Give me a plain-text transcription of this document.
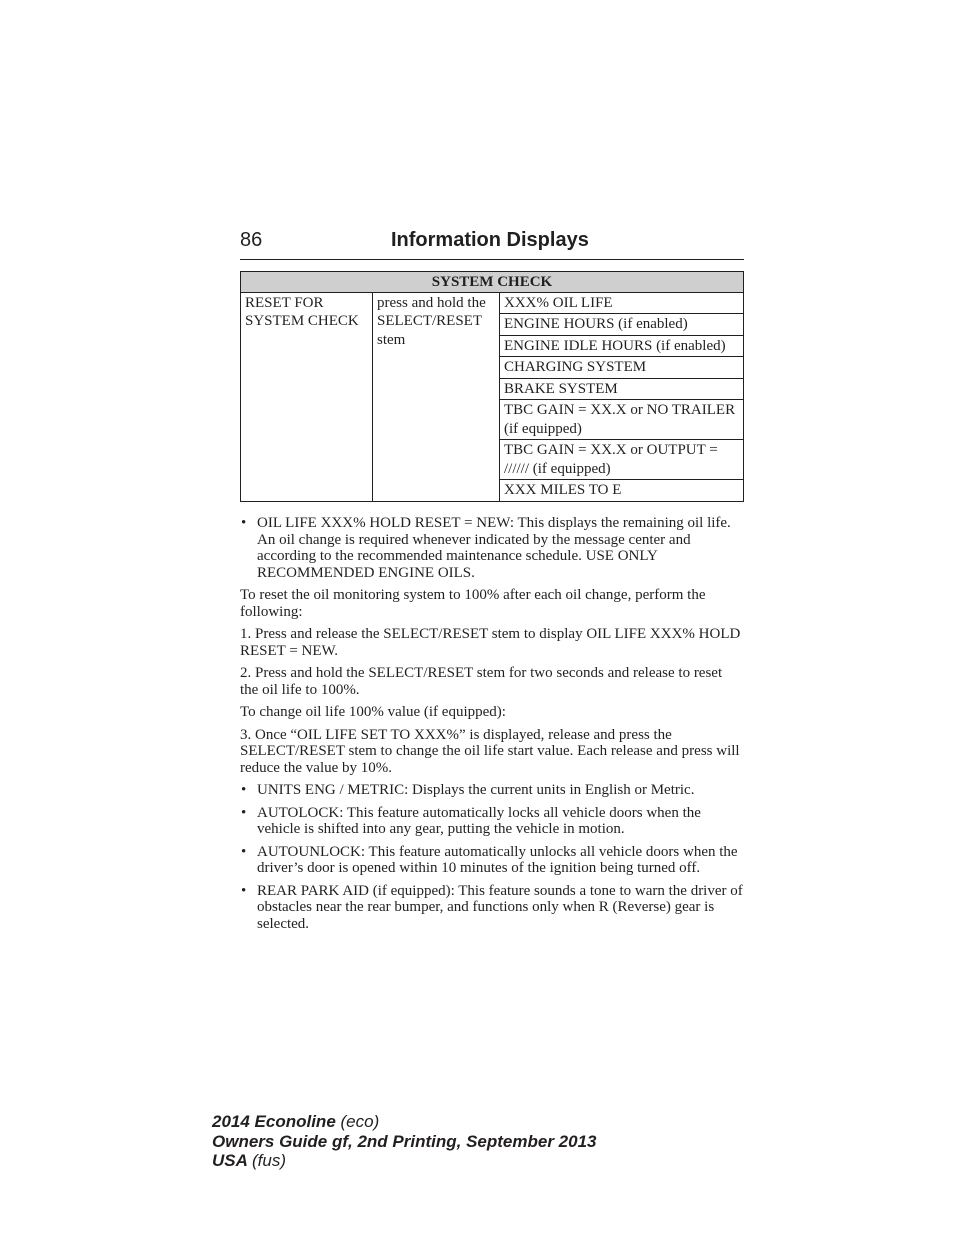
86	Information Displays
SYSTEM CHECK
RESET FOR SYSTEM CHECK	press and hold the SELECT/RESET stem	XXX% OIL LIFE
ENGINE HOURS (if enabled)
ENGINE IDLE HOURS (if enabled)
CHARGING SYSTEM
BRAKE SYSTEM
TBC GAIN = XX.X or NO TRAILER (if equipped)
TBC GAIN = XX.X or OUTPUT = ////// (if equipped)
XXX MILES TO E
• OIL LIFE XXX% HOLD RESET = NEW: This displays the remaining oil life. An oil change is required whenever indicated by the message center and according to the recommended maintenance schedule. USE ONLY RECOMMENDED ENGINE OILS.

To reset the oil monitoring system to 100% after each oil change, perform the following:

1. Press and release the SELECT/RESET stem to display OIL LIFE XXX% HOLD RESET = NEW.

2. Press and hold the SELECT/RESET stem for two seconds and release to reset the oil life to 100%.

To change oil life 100% value (if equipped):

3. Once “OIL LIFE SET TO XXX%” is displayed, release and press the SELECT/RESET stem to change the oil life start value. Each release and press will reduce the value by 10%.

• UNITS ENG / METRIC: Displays the current units in English or Metric.
• AUTOLOCK: This feature automatically locks all vehicle doors when the vehicle is shifted into any gear, putting the vehicle in motion.
• AUTOUNLOCK: This feature automatically unlocks all vehicle doors when the driver’s door is opened within 10 minutes of the ignition being turned off.
• REAR PARK AID (if equipped): This feature sounds a tone to warn the driver of obstacles near the rear bumper, and functions only when R (Reverse) gear is selected.
2014 Econoline (eco)
Owners Guide gf, 2nd Printing, September 2013
USA (fus)
